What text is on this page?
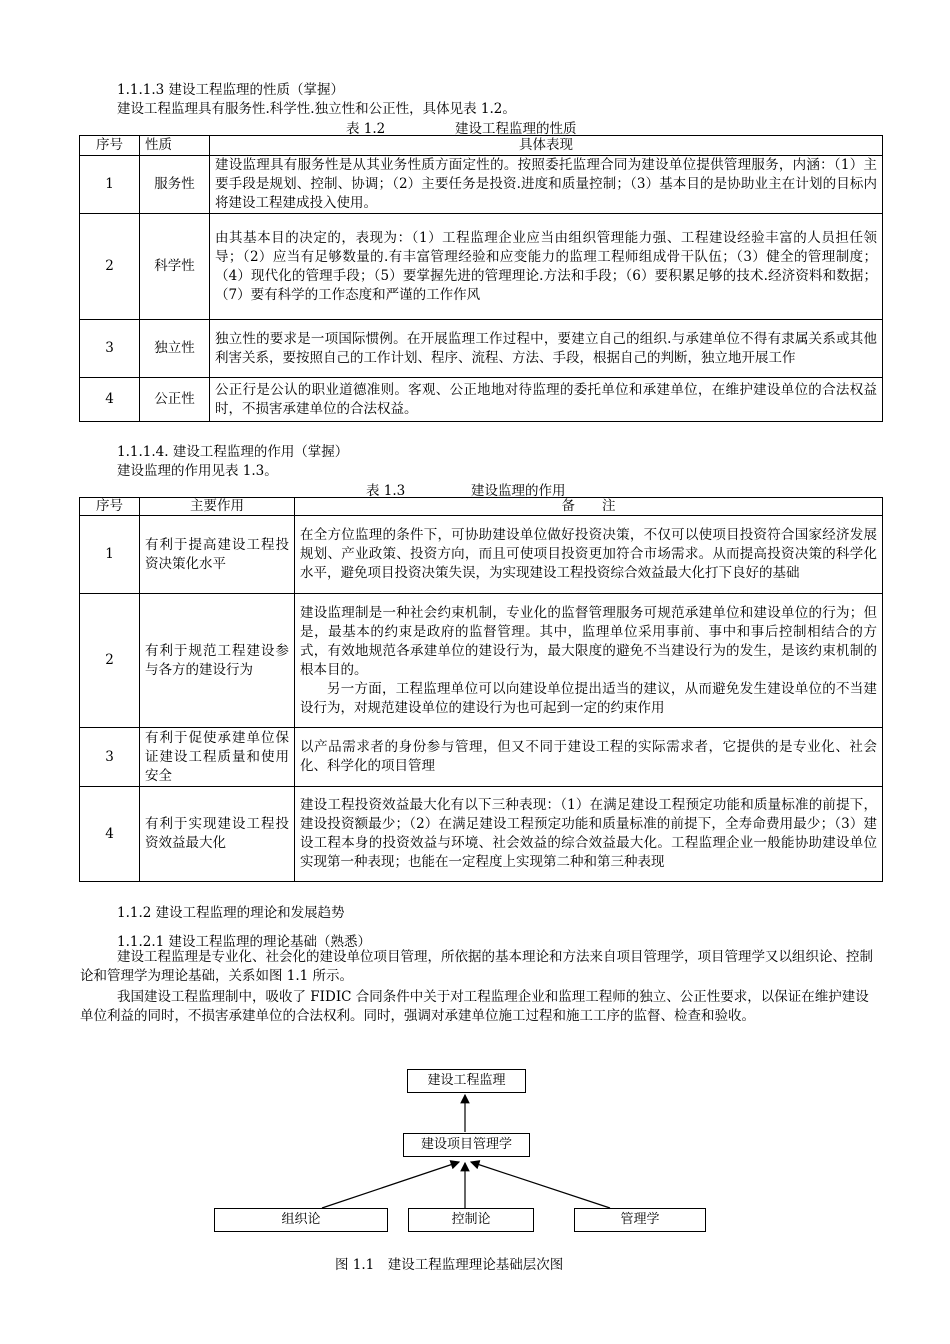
1.1.1.3 建设工程监理的性质（掌握）
建设工程监理具有服务性.科学性.独立性和公正性，具体见表 1.2。
表 1.2	建设工程监理的性质
序号	性质	具体表现
1	服务性	建设监理具有服务性是从其业务性质方面定性的。按照委托监理合同为建设单位提供管理服务，内涵：（1）主要手段是规划、控制、协调；（2）主要任务是投资.进度和质量控制；（3）基本目的是协助业主在计划的目标内将建设工程建成投入使用。
2	科学性	由其基本目的决定的，表现为：（1）工程监理企业应当由组织管理能力强、工程建设经验丰富的人员担任领导；（2）应当有足够数量的.有丰富管理经验和应变能力的监理工程师组成骨干队伍；（3）健全的管理制度；（4）现代化的管理手段；（5）要掌握先进的管理理论.方法和手段；（6）要积累足够的技术.经济资料和数据；（7）要有科学的工作态度和严谨的工作作风
3	独立性	独立性的要求是一项国际惯例。在开展监理工作过程中，要建立自己的组织.与承建单位不得有隶属关系或其他利害关系，要按照自己的工作计划、程序、流程、方法、手段，根据自己的判断，独立地开展工作
4	公正性	公正行是公认的职业道德准则。客观、公正地地对待监理的委托单位和承建单位，在维护建设单位的合法权益时，不损害承建单位的合法权益。
1.1.1.4. 建设工程监理的作用（掌握）
建设监理的作用见表 1.3。
表 1.3	建设监理的作用
序号	主要作用	备　　注
1	有利于提高建设工程投资决策化水平	在全方位监理的条件下，可协助建设单位做好投资决策，不仅可以使项目投资符合国家经济发展规划、产业政策、投资方向，而且可使项目投资更加符合市场需求。从而提高投资决策的科学化水平，避免项目投资决策失误，为实现建设工程投资综合效益最大化打下良好的基础
2	有利于规范工程建设参与各方的建设行为	建设监理制是一种社会约束机制，专业化的监督管理服务可规范承建单位和建设单位的行为；但是，最基本的约束是政府的监督管理。其中，监理单位采用事前、事中和事后控制相结合的方式，有效地规范各承建单位的建设行为，最大限度的避免不当建设行为的发生，是该约束机制的根本目的。
另一方面，工程监理单位可以向建设单位提出适当的建议，从而避免发生建设单位的不当建设行为，对规范建设单位的建设行为也可起到一定的约束作用

3	有利于促使承建单位保证建设工程质量和使用安全	以产品需求者的身份参与管理，但又不同于建设工程的实际需求者，它提供的是专业化、社会化、科学化的项目管理
4	有利于实现建设工程投资效益最大化	建设工程投资效益最大化有以下三种表现：（1）在满足建设工程预定功能和质量标准的前提下，建设投资额最少；（2）在满足建设工程预定功能和质量标准的前提下，全寿命费用最少；（3）建设工程本身的投资效益与环境、社会效益的综合效益最大化。工程监理企业一般能协助建设单位实现第一种表现；也能在一定程度上实现第二种和第三种表现
1.1.2 建设工程监理的理论和发展趋势
1.1.2.1 建设工程监理的理论基础（熟悉）
建设工程监理是专业化、社会化的建设单位项目管理，所依据的基本理论和方法来自项目管理学，项目管理学又以组织论、控制论和管理学为理论基础，关系如图 1.1 所示。
我国建设工程监理制中，吸收了 FIDIC 合同条件中关于对工程监理企业和监理工程师的独立、公正性要求，以保证在维护建设单位利益的同时，不损害承建单位的合法权利。同时，强调对承建单位施工过程和施工工序的监督、检查和验收。
建设工程监理
建设项目管理学
组织论	控制论	管理学
图 1.1　建设工程监理理论基础层次图
